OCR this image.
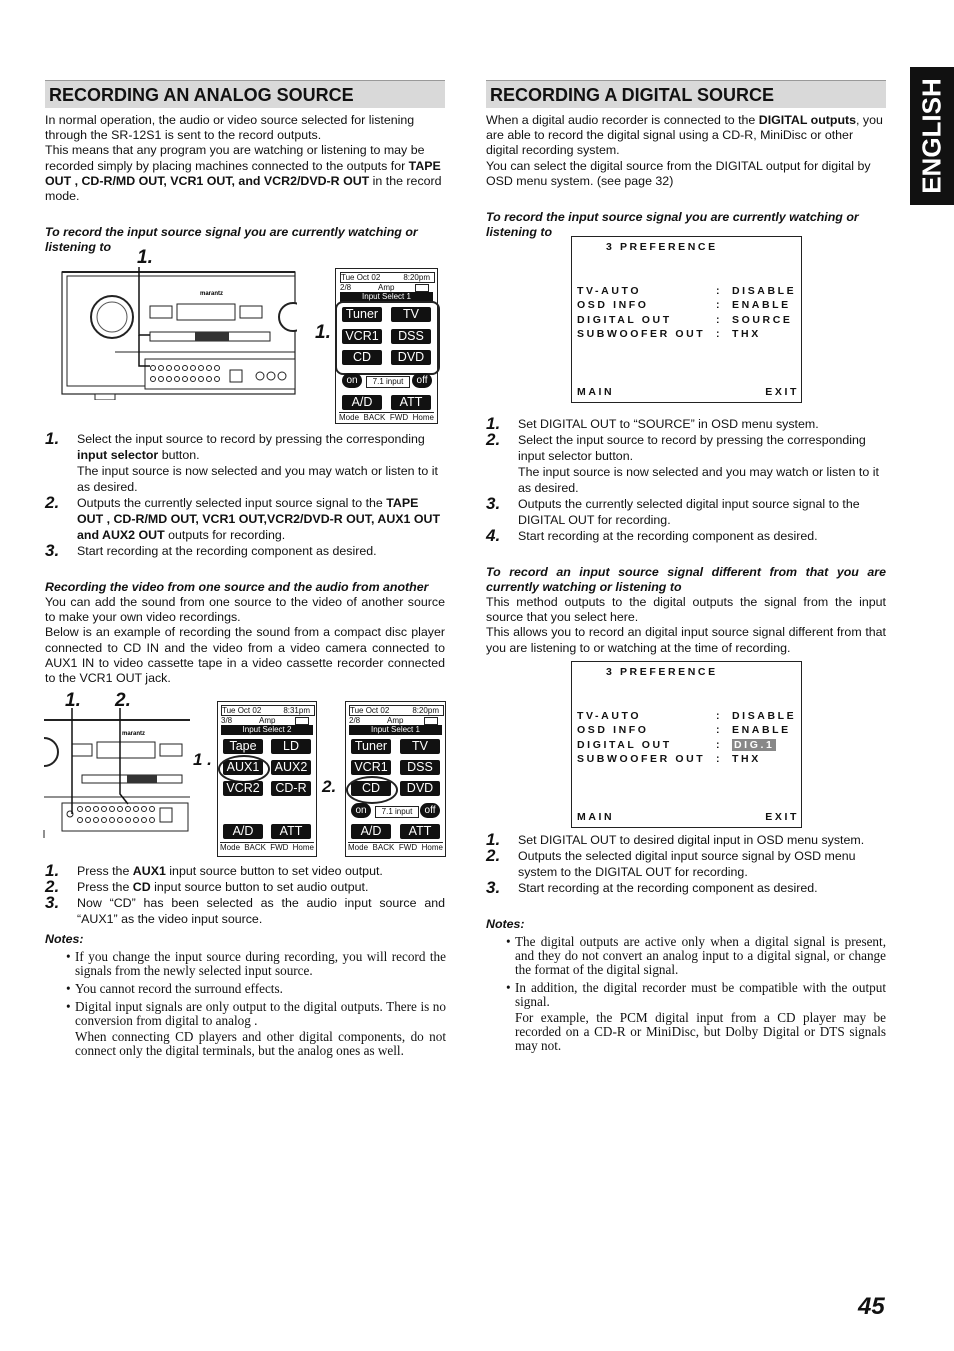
ENGLISH
RECORDING AN ANALOG SOURCE

In normal operation, the audio or video source selected for listening through the SR-12S1 is sent to the record outputs.

This means that any program you are watching or listening to may be recorded simply by placing machines connected to the outputs for TAPE OUT , CD-R/MD OUT, VCR1 OUT, and VCR2/DVD-R OUT in the record mode.

To record the input source signal you are currently watching or listening to
marantz
1.
Tue Oct 02	8:20pm
2/8	Amp
Input Select 1
Tuner	TV
VCR1	DSS
CD	DVD
on	7.1 input	off
A/D	ATT
Mode BACK FWD Home
1.
1.	Select the input source to record by pressing the corresponding input selector button.
The input source is now selected and you may watch or listen to it as desired.
2.	Outputs the currently selected input source signal to the TAPE OUT , CD-R/MD OUT, VCR1 OUT,VCR2/DVD-R OUT, AUX1 OUT and AUX2 OUT outputs for recording.
3.	Start recording at the recording component as desired.
Recording the video from one source and the audio from another

You can add the sound from one source to the video of another source to make your own video recordings.

Below is an example of recording the sound from a compact disc player connected to CD IN and the video from a video camera connected to AUX1 IN to video cassette tape in a video cassette recorder connected to the VCR1 OUT jack.

marantz
1. 2.	Tue Oct 02	8:31pm
3/8	Amp
Input Select 2
Tape	LD
AUX1 AUX2
VCR2	CD-R
A/D	ATT
Mode BACK FWD Home
1 .
Tue Oct 02	8:20pm
2/8	Amp
Input Select 1
Tuner	TV
VCR1	DSS
CD	DVD
on	7.1 input	off
A/D	ATT
Mode BACK FWD Home
2.
1.	Press the AUX1 input source button to set video output.
2.	Press the CD input source button to set audio output.
3.	Now “CD” has been selected as the audio input source and “AUX1” as the video input source.
Notes:
• If you change the input source during recording, you will record the signals from the newly selected input source.
• You cannot record the surround effects.
• Digital input signals are only output to the digital outputs. There is no conversion from digital to analog .
When connecting CD players and other digital components, do not connect only the digital terminals, but the analog ones as well.
RECORDING A DIGITAL SOURCE

When a digital audio recorder is connected to the DIGITAL outputs, you are able to record the digital signal using a CD-R, MiniDisc or other digital recording system.

You can select the digital source from the DIGITAL output for digital by OSD menu system. (see page 32)

To record the input source signal you are currently watching or listening to
3 PREFERENCE
TV-AUTO	: DISABLE
OSD INFO	: ENABLE
DIGITAL OUT	: SOURCE
SUBWOOFER OUT : THX
MAIN	EXIT
1.	Set DIGITAL OUT to “SOURCE” in OSD menu system.
2.	Select the input source to record by pressing the corresponding input selector button.
The input source is now selected and you may watch or listen to it as desired.
3.	Outputs the currently selected digital input source signal to the DIGITAL OUT for recording.
4.	Start recording at the recording component as desired.
To record an input source signal different from that you are currently watching or listening to

This method outputs to the digital outputs the signal from the input source that you select here.

This allows you to record an digital input source signal different from that you are listening to or watching at the time of recording.

3 PREFERENCE
TV-AUTO	: DISABLE
OSD INFO	: ENABLE
DIGITAL OUT	: DIG.1
SUBWOOFER OUT : THX
MAIN	EXIT
1.	Set DIGITAL OUT to desired digital input in OSD menu system.
2.	Outputs the selected digital input source signal by OSD menu system to the DIGITAL OUT for recording.
3.	Start recording at the recording component as desired.
Notes:
• The digital outputs are active only when a digital signal is present, and they do not convert an analog input to a digital signal, or change the format of the digital signal.
• In addition, the digital recorder must be compatible with the output signal.
For example, the PCM digital input from a CD player may be recorded on a CD-R or MiniDisc, but Dolby Digital or DTS signals may not.
45
